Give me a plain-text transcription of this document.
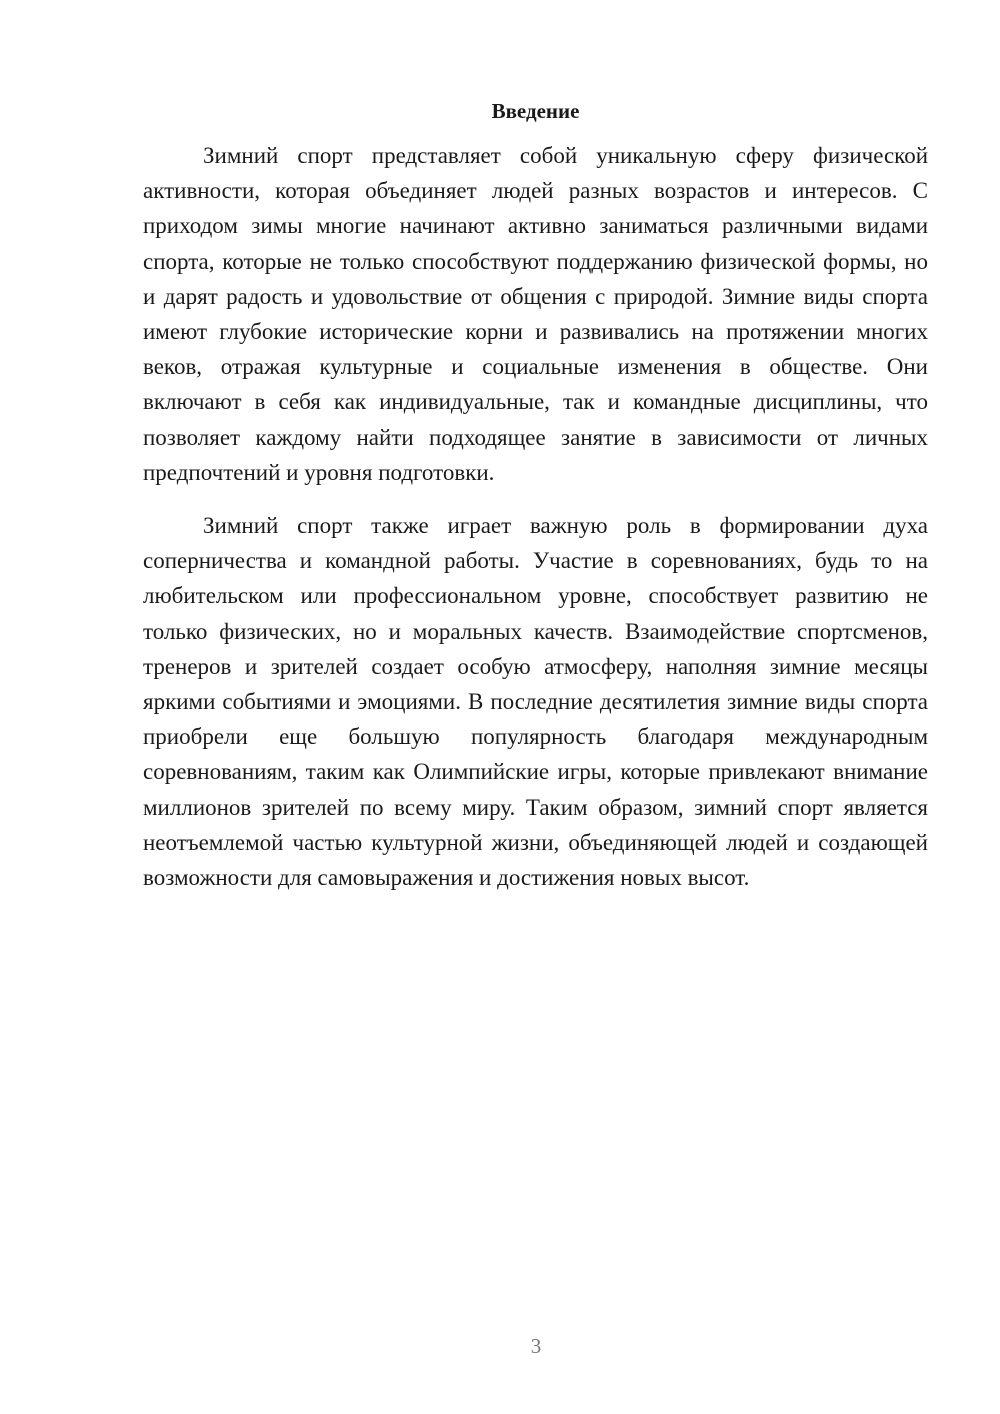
Введение

Зимний спорт представляет собой уникальную сферу физической активности, которая объединяет людей разных возрастов и интересов. С приходом зимы многие начинают активно заниматься различными видами спорта, которые не только способствуют поддержанию физической формы, но и дарят радость и удовольствие от общения с природой. Зимние виды спорта имеют глубокие исторические корни и развивались на протяжении многих веков, отражая культурные и социальные изменения в обществе. Они включают в себя как индивидуальные, так и командные дисциплины, что позволяет каждому найти подходящее занятие в зависимости от личных предпочтений и уровня подготовки.

Зимний спорт также играет важную роль в формировании духа соперничества и командной работы. Участие в соревнованиях, будь то на любительском или профессиональном уровне, способствует развитию не только физических, но и моральных качеств. Взаимодействие спортсменов, тренеров и зрителей создает особую атмосферу, наполняя зимние месяцы яркими событиями и эмоциями. В последние десятилетия зимние виды спорта приобрели еще большую популярность благодаря международным соревнованиям, таким как Олимпийские игры, которые привлекают внимание миллионов зрителей по всему миру. Таким образом, зимний спорт является неотъемлемой частью культурной жизни, объединяющей людей и создающей возможности для самовыражения и достижения новых высот.

3
